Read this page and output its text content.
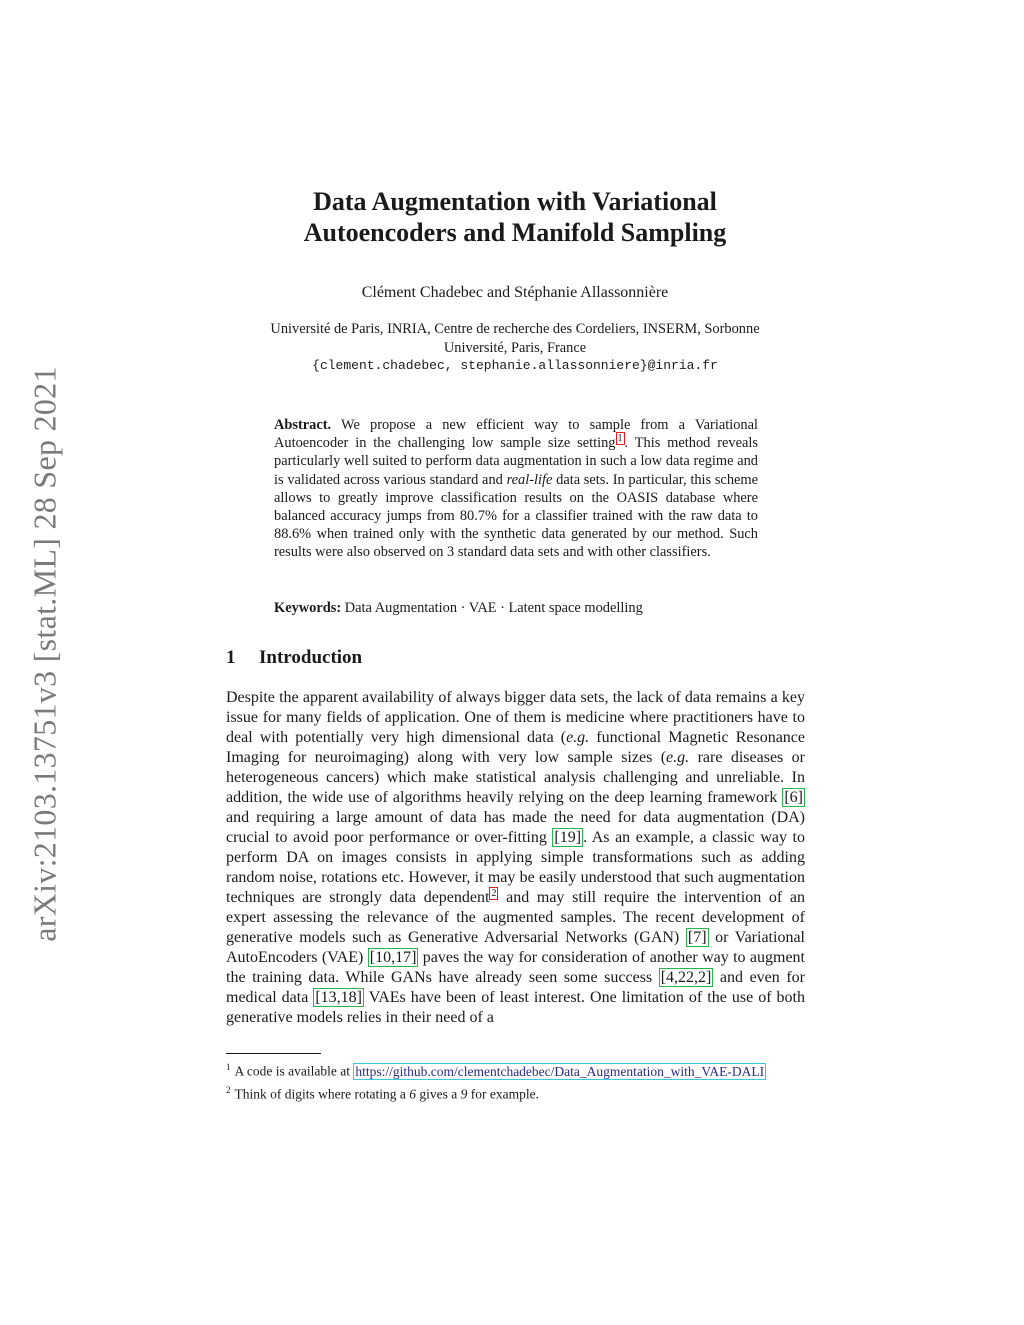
arXiv:2103.13751v3 [stat.ML] 28 Sep 2021
Data Augmentation with Variational
Autoencoders and Manifold Sampling
Clément Chadebec and Stéphanie Allassonnière
Université de Paris, INRIA, Centre de recherche des Cordeliers, INSERM, Sorbonne
Université, Paris, France
{clement.chadebec, stephanie.allassonniere}@inria.fr
Abstract. We propose a new efficient way to sample from a Variational Autoencoder in the challenging low sample size setting $^1$ . This method reveals particularly well suited to perform data augmentation in such a low data regime and is validated across various standard and real-life data sets. In particular, this scheme allows to greatly improve classification results on the OASIS database where balanced accuracy jumps from 80.7% for a classifier trained with the raw data to 88.6% when trained only with the synthetic data generated by our method. Such results were also observed on 3 standard data sets and with other classifiers.
Keywords: Data Augmentation · VAE · Latent space modelling
1 Introduction

Despite the apparent availability of always bigger data sets, the lack of data remains a key issue for many fields of application. One of them is medicine where practitioners have to deal with potentially very high dimensional data (e.g. functional Magnetic Resonance Imaging for neuroimaging) along with very low sample sizes (e.g. rare diseases or heterogeneous cancers) which make statistical analysis challenging and unreliable. In addition, the wide use of algorithms heavily relying on the deep learning framework [6] and requiring a large amount of data has made the need for data augmentation (DA) crucial to avoid poor performance or over-fitting [19] . As an example, a classic way to perform DA on images consists in applying simple transformations such as adding random noise, rotations etc. However, it may be easily understood that such augmentation techniques are strongly data dependent $^2$ and may still require the intervention of an expert assessing the relevance of the augmented samples. The recent development of generative models such as Generative Adversarial Networks (GAN) [7] or Variational AutoEncoders (VAE) [10,17] paves the way for consideration of another way to augment the training data. While GANs have already seen some success [4,22,2] and even for medical data [13,18] VAEs have been of least interest. One limitation of the use of both generative models relies in their need of a

$^1$ A code is available at https://github.com/clementchadebec/Data_Augmentation_with_VAE-DALI

$^2$ Think of digits where rotating a 6 gives a 9 for example.
